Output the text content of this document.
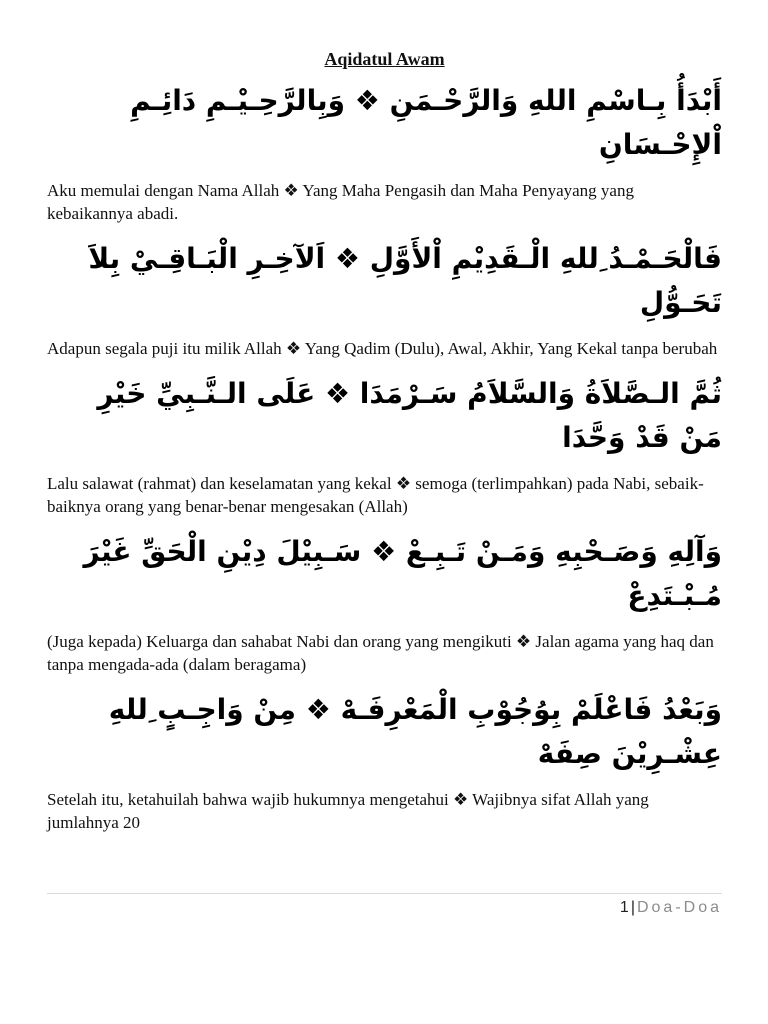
Aqidatul Awam

أَبْدَأُ بِـاسْمِ اللهِ وَالرَّحْـمَنِ ❖ وَبِالرَّحِـيْـمِ دَائِـمِ اْلإِحْـسَانِ

Aku memulai dengan Nama Allah ❖ Yang Maha Pengasih dan Maha Penyayang yang kebaikannya abadi.

فَالْحَـمْـدُ ِللهِ الْـقَدِيْمِ اْلأَوَّلِ ❖ اَلآخِـرِ الْبَـاقِـيْ بِلاَ تَحَـوُّلِ

Adapun segala puji itu milik Allah ❖ Yang Qadim (Dulu), Awal, Akhir, Yang Kekal tanpa berubah

ثُمَّ الـصَّلاَةُ وَالسَّلاَمُ سَـرْمَدَا ❖ عَلَى الـنَّـبِيِّ خَيْرِ مَنْ قَدْ وَحَّدَا

Lalu salawat (rahmat) dan keselamatan yang kekal ❖ semoga (terlimpahkan) pada Nabi, sebaik-baiknya orang yang benar-benar mengesakan (Allah)

وَآلِهِ وَصَـحْبِهِ وَمَـنْ تَـبِـعْ ❖ سَـبِيْلَ دِيْنِ الْحَقِّ غَيْرَ مُـبْـتَدِعْ

(Juga kepada) Keluarga dan sahabat Nabi dan orang yang mengikuti ❖ Jalan agama yang haq dan tanpa mengada-ada (dalam beragama)

وَبَعْدُ فَاعْلَمْ بِوُجُوْبِ الْمَعْرِفَـهْ ❖ مِنْ وَاجِـبٍ ِللهِ عِشْـرِيْنَ صِفَهْ

Setelah itu, ketahuilah bahwa wajib hukumnya mengetahui ❖ Wajibnya sifat Allah yang jumlahnya 20

1 | Doa-Doa
